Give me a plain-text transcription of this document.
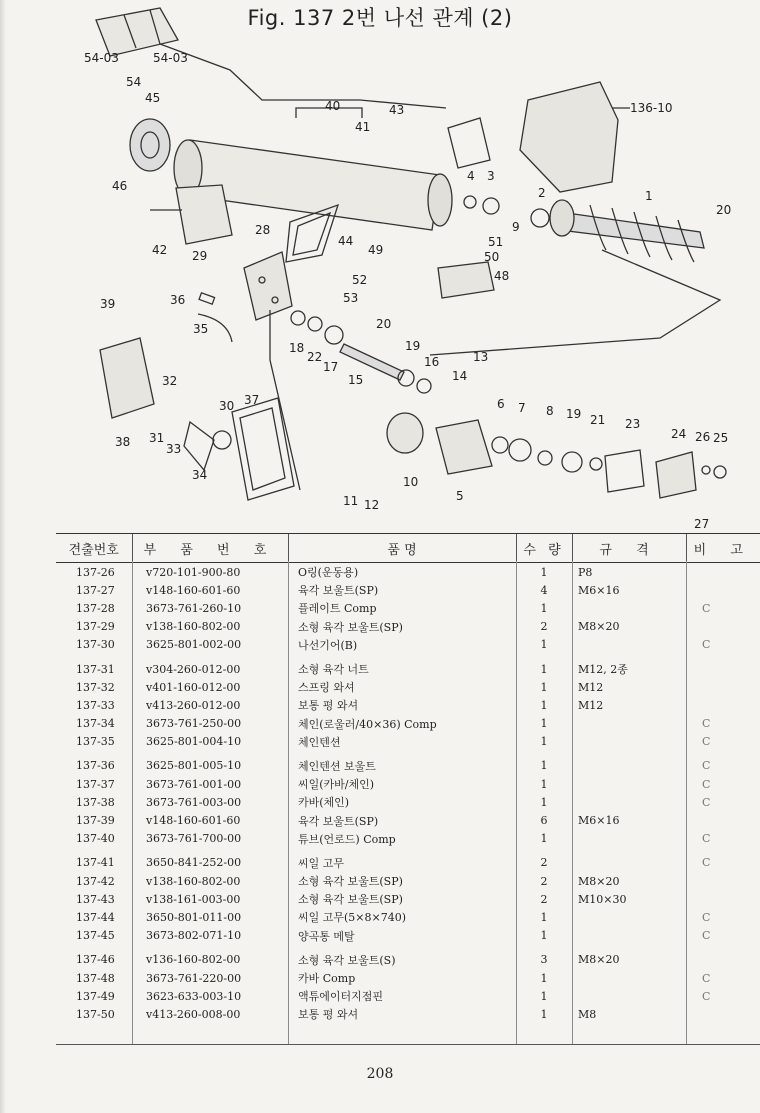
Fig. 137 2번 나선 관계 (2)
54-03	54-03
54
45
40
41
43	136-10
46
42
4 3
2	1
20
9
51
50
49
44
28
29
48
52
53
36
35
39
20
18
22
17
15
19
16	13
14
32
31
33
30 37
38
34
6 7 8 19 21 23
24 26 25
10
5
11 12
27
견출번호	부 품 번 호	품 명	수 량	규 격	비 고
137-26	v720-101-900-80	O링(운동용)	1	P8	
137-27	v148-160-601-60	육각 보울트(SP)	4	M6×16	
137-28	3673-761-260-10	플레이트 Comp	1		C
137-29	v138-160-802-00	소형 육각 보울트(SP)	2	M8×20	
137-30	3625-801-002-00	나선기어(B)	1		C
137-31	v304-260-012-00	소형 육각 너트	1	M12, 2종	
137-32	v401-160-012-00	스프링 와셔	1	M12	
137-33	v413-260-012-00	보통 평 와셔	1	M12	
137-34	3673-761-250-00	체인(로울러/40×36) Comp	1		C
137-35	3625-801-004-10	체인텐션	1		C
137-36	3625-801-005-10	체인텐션 보울트	1		C
137-37	3673-761-001-00	씨일(카바/체인)	1		C
137-38	3673-761-003-00	카바(체인)	1		C
137-39	v148-160-601-60	육각 보울트(SP)	6	M6×16	
137-40	3673-761-700-00	튜브(언로드) Comp	1		C
137-41	3650-841-252-00	씨일 고무	2		C
137-42	v138-160-802-00	소형 육각 보울트(SP)	2	M8×20	
137-43	v138-161-003-00	소형 육각 보울트(SP)	2	M10×30	
137-44	3650-801-011-00	씨일 고무(5×8×740)	1		C
137-45	3673-802-071-10	양곡통 메탈	1		C
137-46	v136-160-802-00	소형 육각 보울트(S)	3	M8×20	
137-48	3673-761-220-00	카바 Comp	1		C
137-49	3623-633-003-10	액튜에이터지점핀	1		C
137-50	v413-260-008-00	보통 평 와셔	1	M8	
208
